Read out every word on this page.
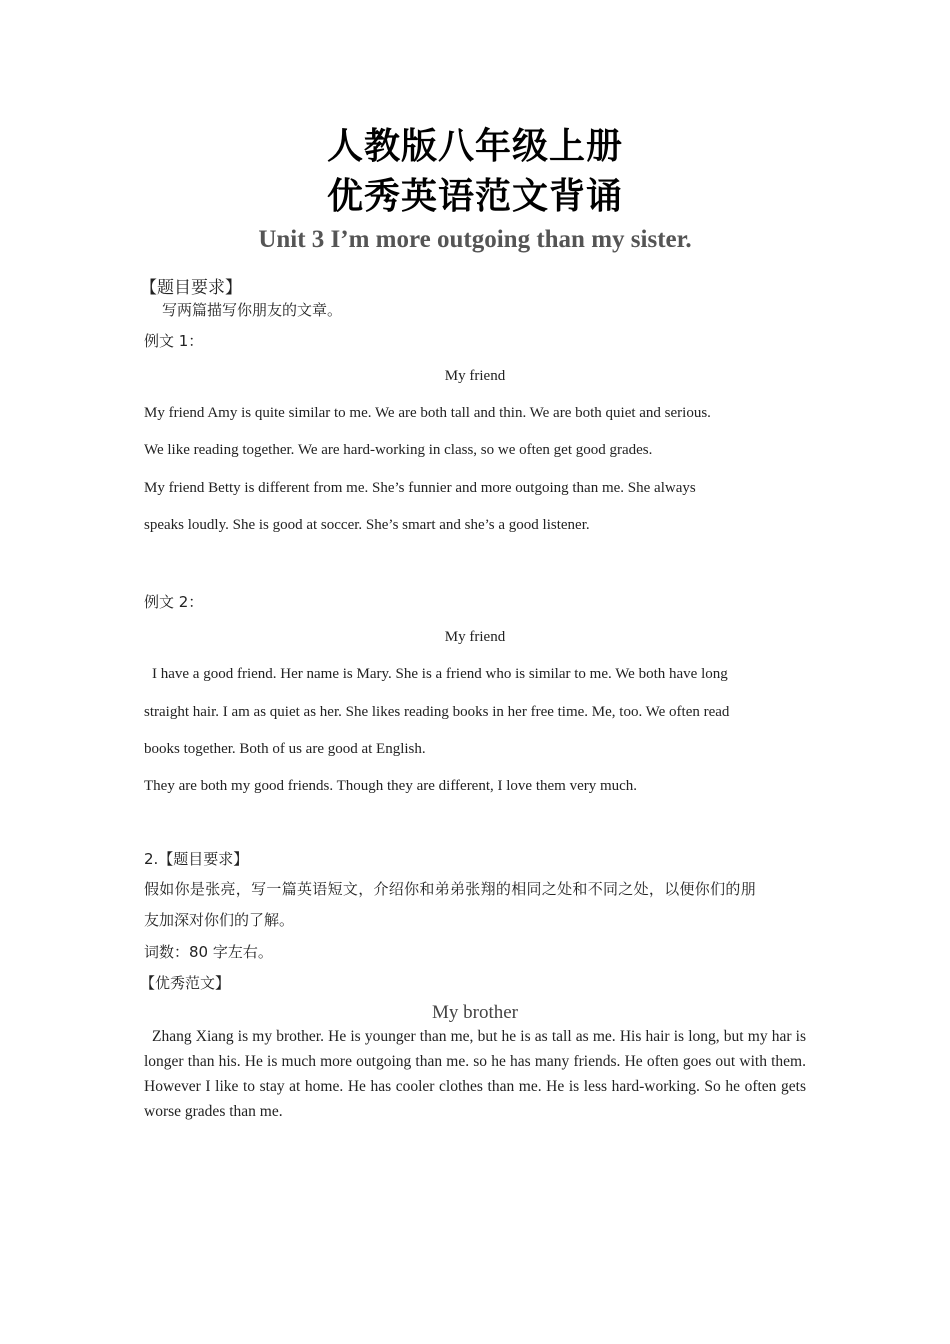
人教版八年级上册
优秀英语范文背诵
Unit 3 I’m more outgoing than my sister.
【题目要求】
写两篇描写你朋友的文章。
例文 1：
My friend
My friend Amy is quite similar to me. We are both tall and thin. We are both quiet and serious.
We like reading together. We are hard-working in class, so we often get good grades.
My friend Betty is different from me. She’s funnier and more outgoing than me. She always
speaks loudly. She is good at soccer. She’s smart and she’s a good listener.
例文 2：
My friend
I have a good friend. Her name is Mary. She is a friend who is similar to me. We both have long
straight hair. I am as quiet as her. She likes reading books in her free time. Me, too. We often read
books together. Both of us are good at English.
They are both my good friends. Though they are different, I love them very much.
2.【题目要求】
假如你是张亮，写一篇英语短文，介绍你和弟弟张翔的相同之处和不同之处，以便你们的朋
友加深对你们的了解。
词数：80 字左右。
【优秀范文】
My brother
Zhang Xiang is my brother. He is younger than me, but he is as tall as me. His hair is long, but my har is longer than his. He is much more outgoing than me. so he has many friends. He often goes out with them. However I like to stay at home. He has cooler clothes than me. He is less hard-working. So he often gets worse grades than me.
